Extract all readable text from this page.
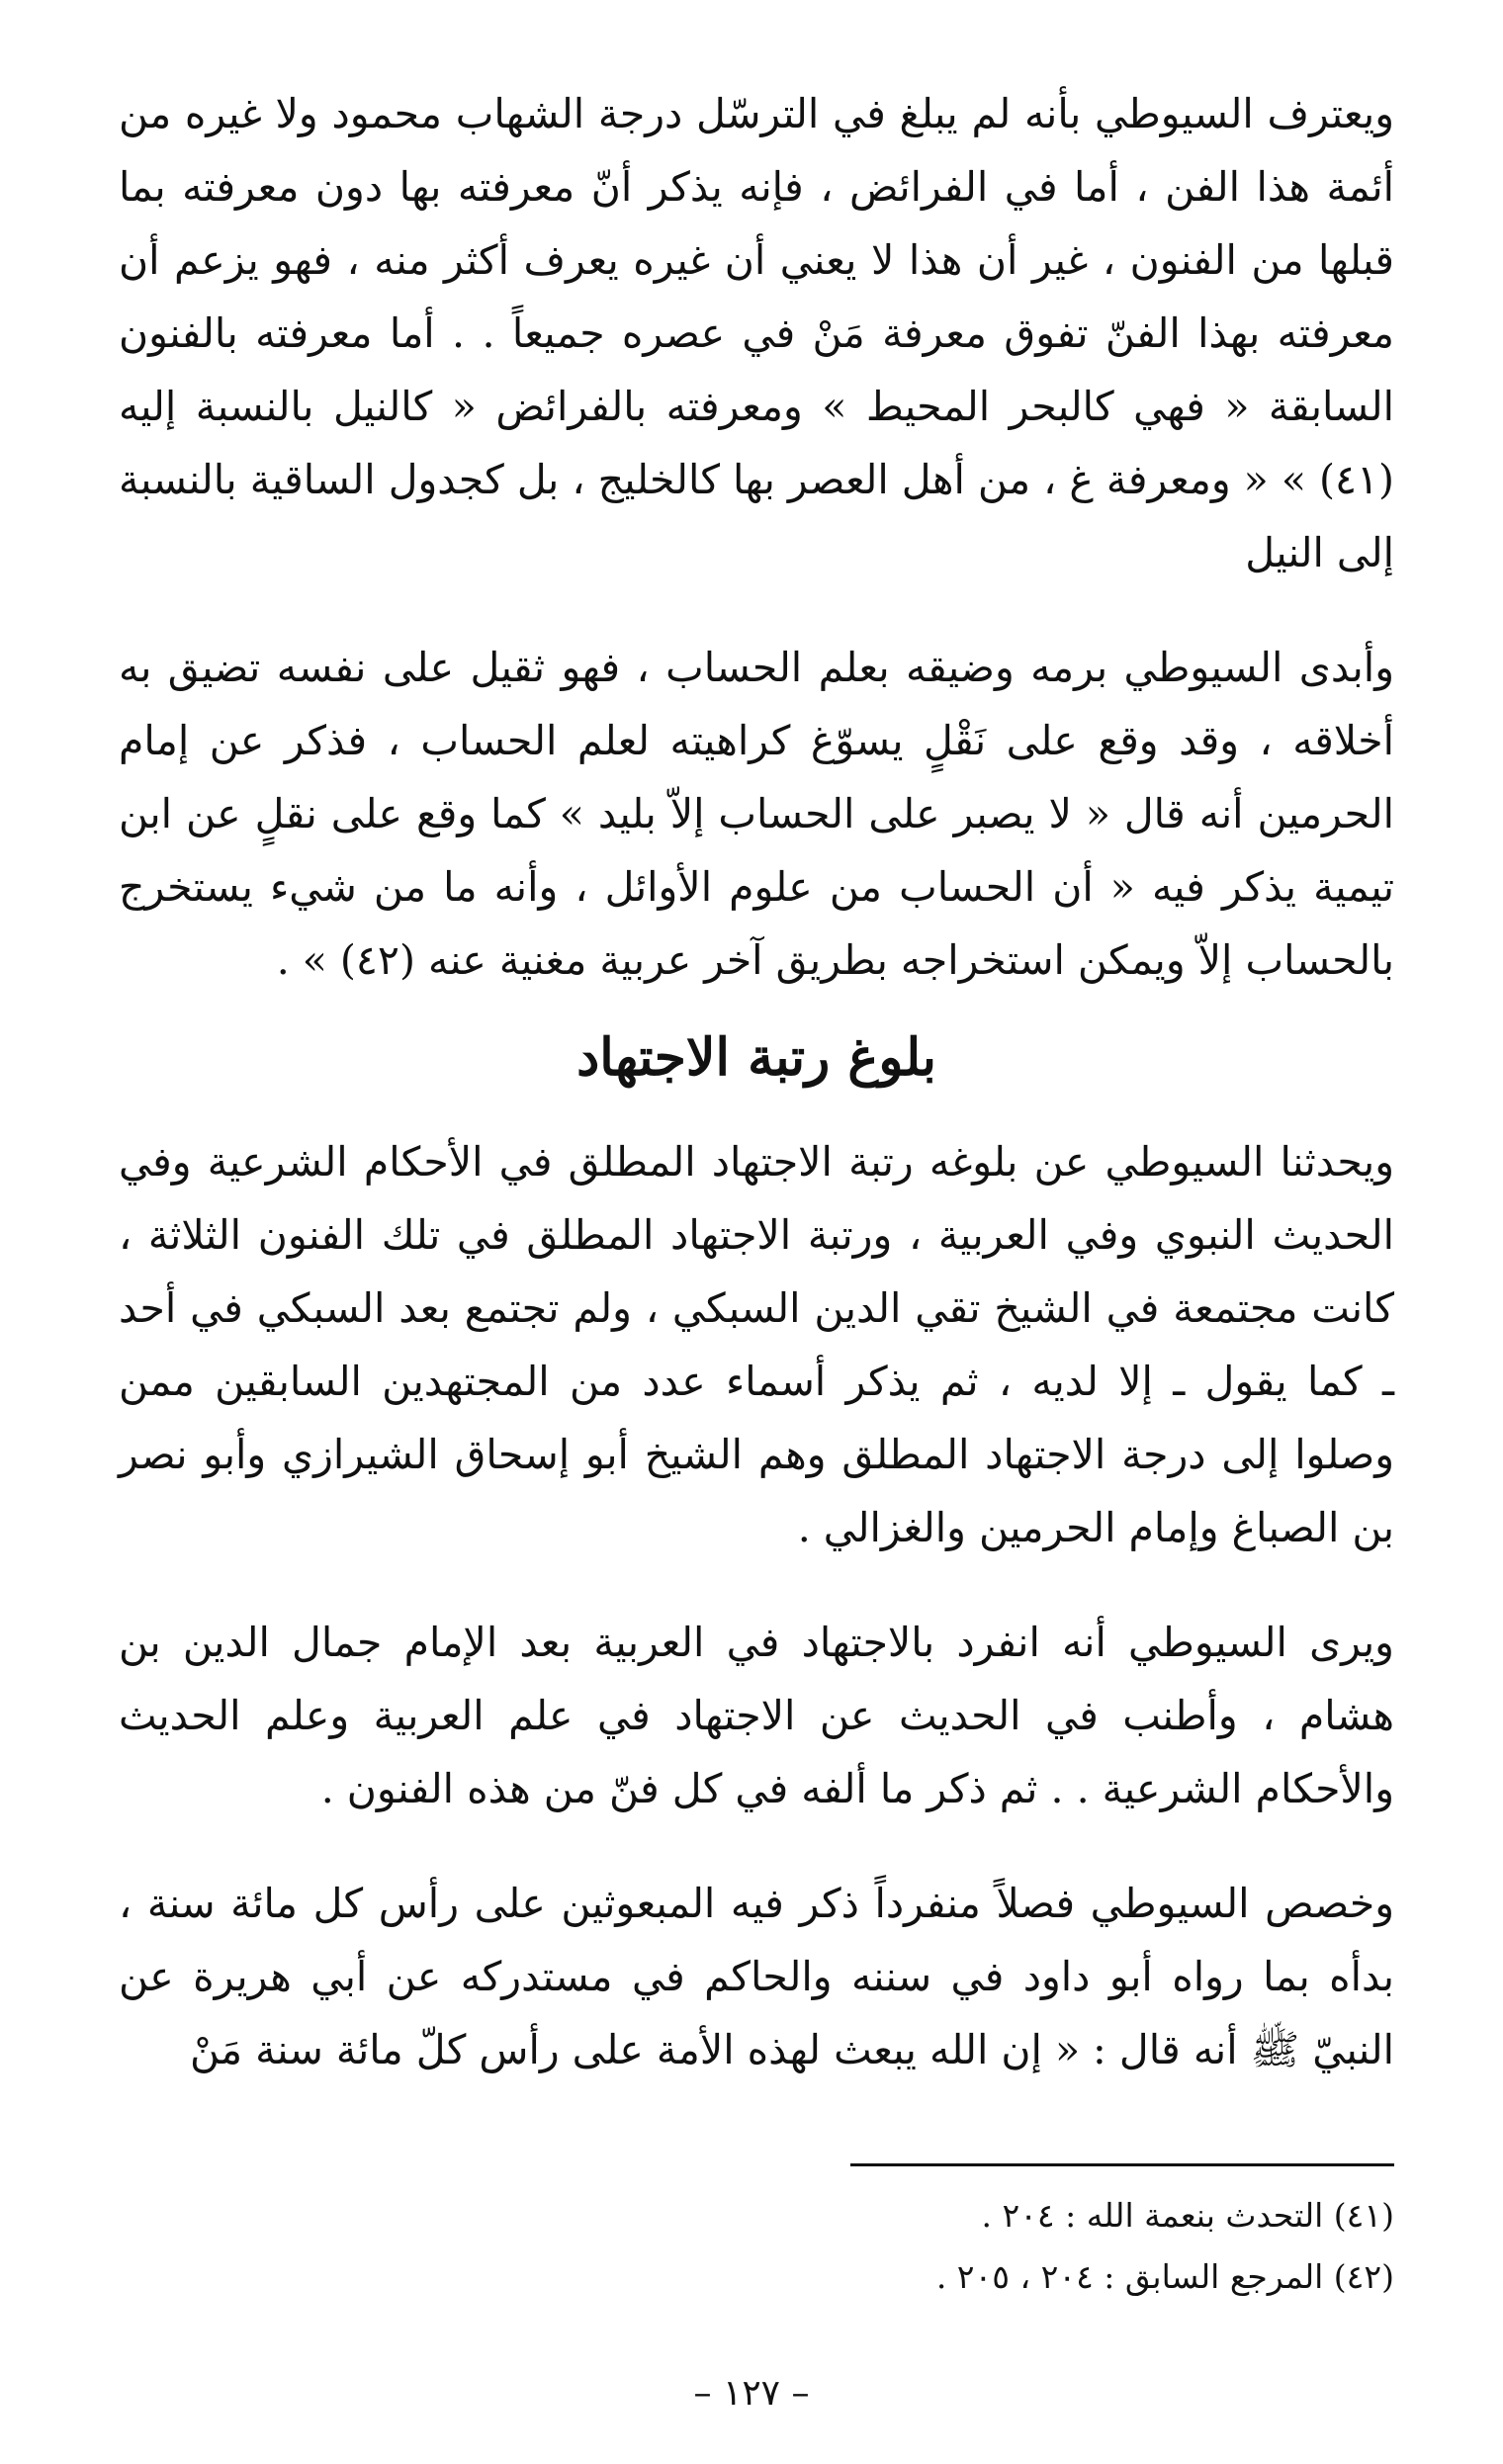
ويعترف السيوطي بأنه لم يبلغ في الترسّل درجة الشهاب محمود ولا غيره من أئمة هذا الفن ، أما في الفرائض ، فإنه يذكر أنّ معرفته بها دون معرفته بما قبلها من الفنون ، غير أن هذا لا يعني أن غيره يعرف أكثر منه ، فهو يزعم أن معرفته بهذا الفنّ تفوق معرفة مَنْ في عصره جميعاً . . أما معرفته بالفنون السابقة « فهي كالبحر المحيط » ومعرفته بالفرائض « كالنيل بالنسبة إليه (٤١) » « ومعرفة غ ، من أهل العصر بها كالخليج ، بل كجدول الساقية بالنسبة إلى النيل

وأبدى السيوطي برمه وضيقه بعلم الحساب ، فهو ثقيل على نفسه تضيق به أخلاقه ، وقد وقع على نَقْلٍ يسوّغ كراهيته لعلم الحساب ، فذكر عن إمام الحرمين أنه قال « لا يصبر على الحساب إلاّ بليد » كما وقع على نقلٍ عن ابن تيمية يذكر فيه « أن الحساب من علوم الأوائل ، وأنه ما من شيء يستخرج بالحساب إلاّ ويمكن استخراجه بطريق آخر عربية مغنية عنه (٤٢) » .

بلوغ رتبة الاجتهاد

ويحدثنا السيوطي عن بلوغه رتبة الاجتهاد المطلق في الأحكام الشرعية وفي الحديث النبوي وفي العربية ، ورتبة الاجتهاد المطلق في تلك الفنون الثلاثة ، كانت مجتمعة في الشيخ تقي الدين السبكي ، ولم تجتمع بعد السبكي في أحد ـ كما يقول ـ إلا لديه ، ثم يذكر أسماء عدد من المجتهدين السابقين ممن وصلوا إلى درجة الاجتهاد المطلق وهم الشيخ أبو إسحاق الشيرازي وأبو نصر بن الصباغ وإمام الحرمين والغزالي .

ويرى السيوطي أنه انفرد بالاجتهاد في العربية بعد الإمام جمال الدين بن هشام ، وأطنب في الحديث عن الاجتهاد في علم العربية وعلم الحديث والأحكام الشرعية . . ثم ذكر ما ألفه في كل فنّ من هذه الفنون .

وخصص السيوطي فصلاً منفرداً ذكر فيه المبعوثين على رأس كل مائة سنة ، بدأه بما رواه أبو داود في سننه والحاكم في مستدركه عن أبي هريرة عن النبيّ ﷺ أنه قال : « إن الله يبعث لهذه الأمة على رأس كلّ مائة سنة مَنْ

(٤١) التحدث بنعمة الله : ٢٠٤ .

(٤٢) المرجع السابق : ٢٠٤ ، ٢٠٥ .

– ١٢٧ –
